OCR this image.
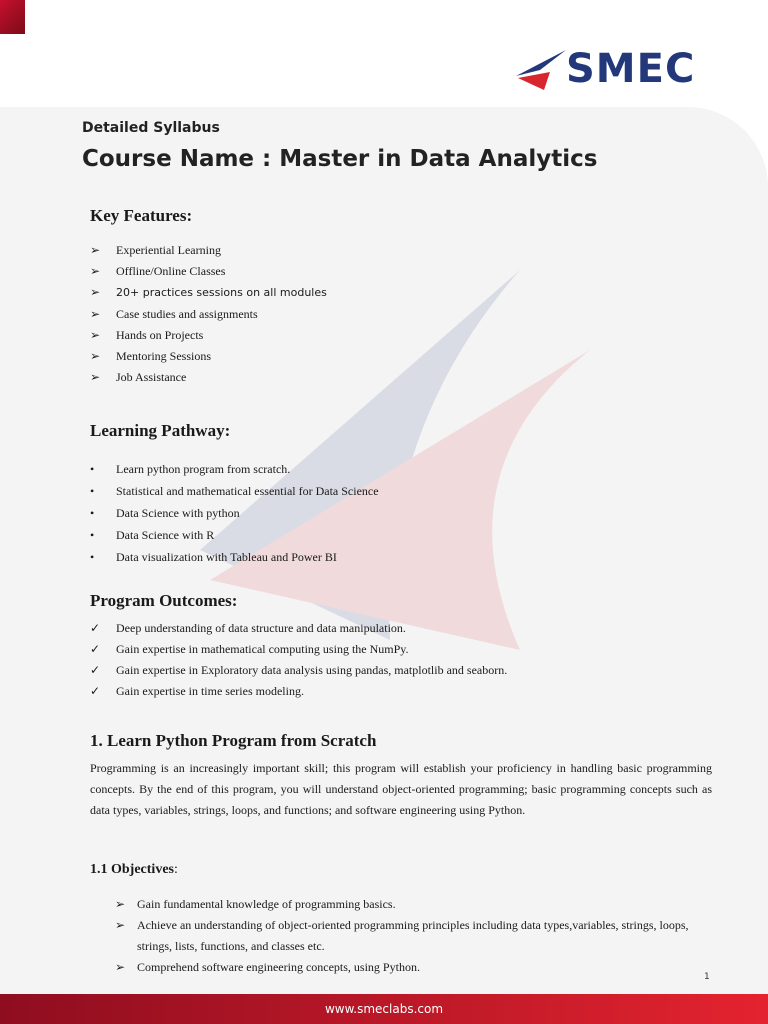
SMEC
Detailed Syllabus
Course Name : Master in Data Analytics
Key Features:
➢ Experiential Learning
➢ Offline/Online Classes
➢ 20+ practices sessions on all modules
➢ Case studies and assignments
➢ Hands on Projects
➢ Mentoring Sessions
➢ Job Assistance
Learning Pathway:
• Learn python program from scratch.
• Statistical and mathematical essential for Data Science
• Data Science with python
• Data Science with R
• Data visualization with Tableau and Power BI
Program Outcomes:
✓ Deep understanding of data structure and data manipulation.
✓ Gain expertise in mathematical computing using the NumPy.
✓ Gain expertise in Exploratory data analysis using pandas, matplotlib and seaborn.
✓ Gain expertise in time series modeling.
1. Learn Python Program from Scratch

Programming is an increasingly important skill; this program will establish your proficiency in handling basic programming concepts. By the end of this program, you will understand object-oriented programming; basic programming concepts such as data types, variables, strings, loops, and functions; and software engineering using Python.

1.1 Objectives:
➢ Gain fundamental knowledge of programming basics.
➢ Achieve an understanding of object-oriented programming principles including data types,variables, strings, loops, strings, lists, functions, and classes etc.
➢ Comprehend software engineering concepts, using Python.
1
www.smeclabs.com
